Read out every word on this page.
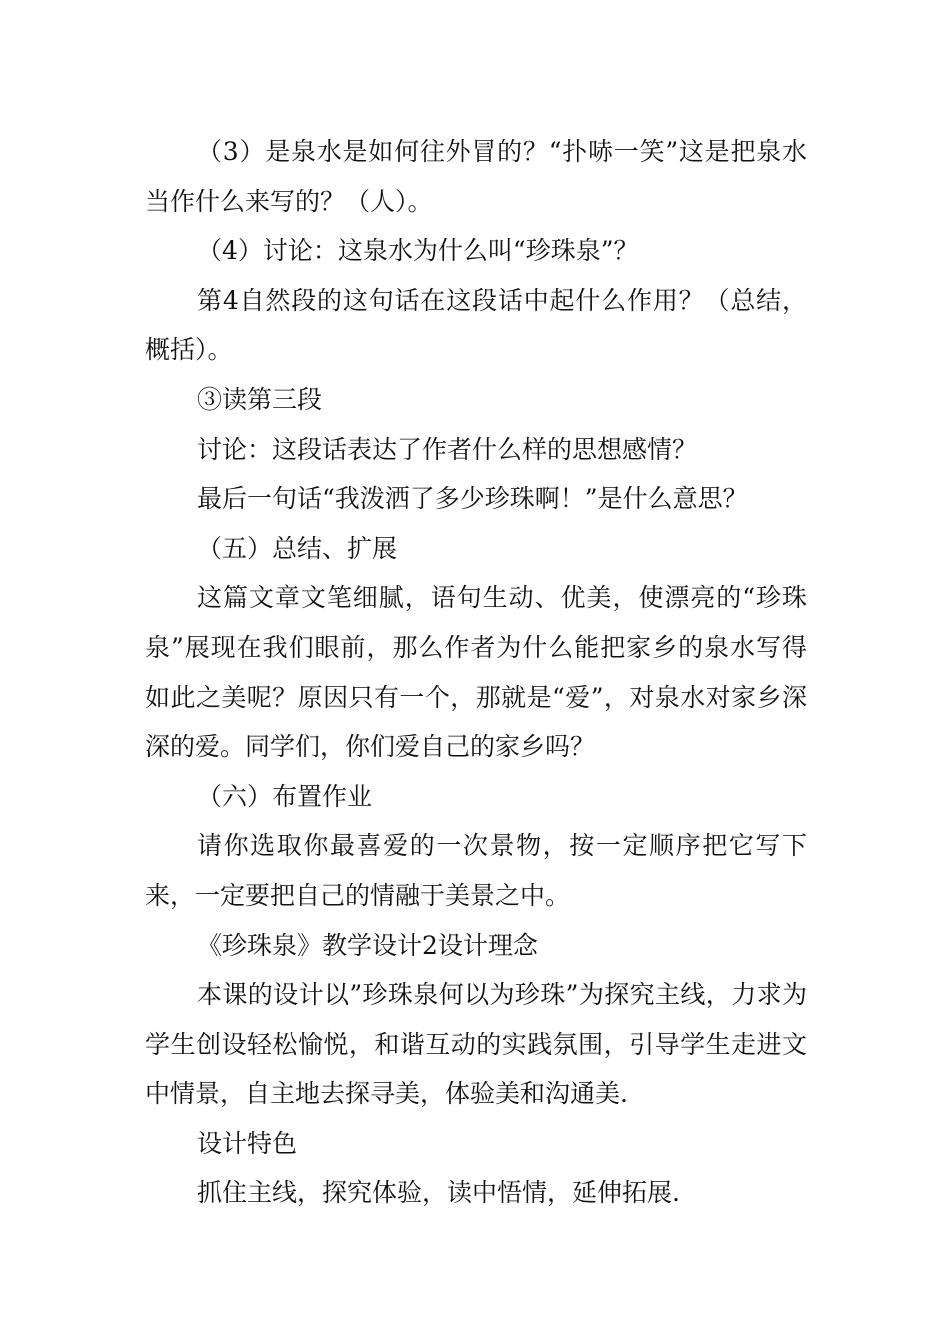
（3）是泉水是如何往外冒的？“扑哧一笑”这是把泉水当作什么来写的？（人）。

（4）讨论：这泉水为什么叫“珍珠泉”？

第4自然段的这句话在这段话中起什么作用？（总结，概括）。

③读第三段

讨论：这段话表达了作者什么样的思想感情？

最后一句话“我泼洒了多少珍珠啊！”是什么意思？

（五）总结、扩展

这篇文章文笔细腻，语句生动、优美，使漂亮的“珍珠泉”展现在我们眼前，那么作者为什么能把家乡的泉水写得如此之美呢？原因只有一个，那就是“爱”，对泉水对家乡深深的爱。同学们，你们爱自己的家乡吗？

（六）布置作业

请你选取你最喜爱的一次景物，按一定顺序把它写下来，一定要把自己的情融于美景之中。

《珍珠泉》教学设计2设计理念

本课的设计以”珍珠泉何以为珍珠”为探究主线，力求为学生创设轻松愉悦，和谐互动的实践氛围，引导学生走进文中情景，自主地去探寻美，体验美和沟通美.

设计特色

抓住主线，探究体验，读中悟情，延伸拓展.
